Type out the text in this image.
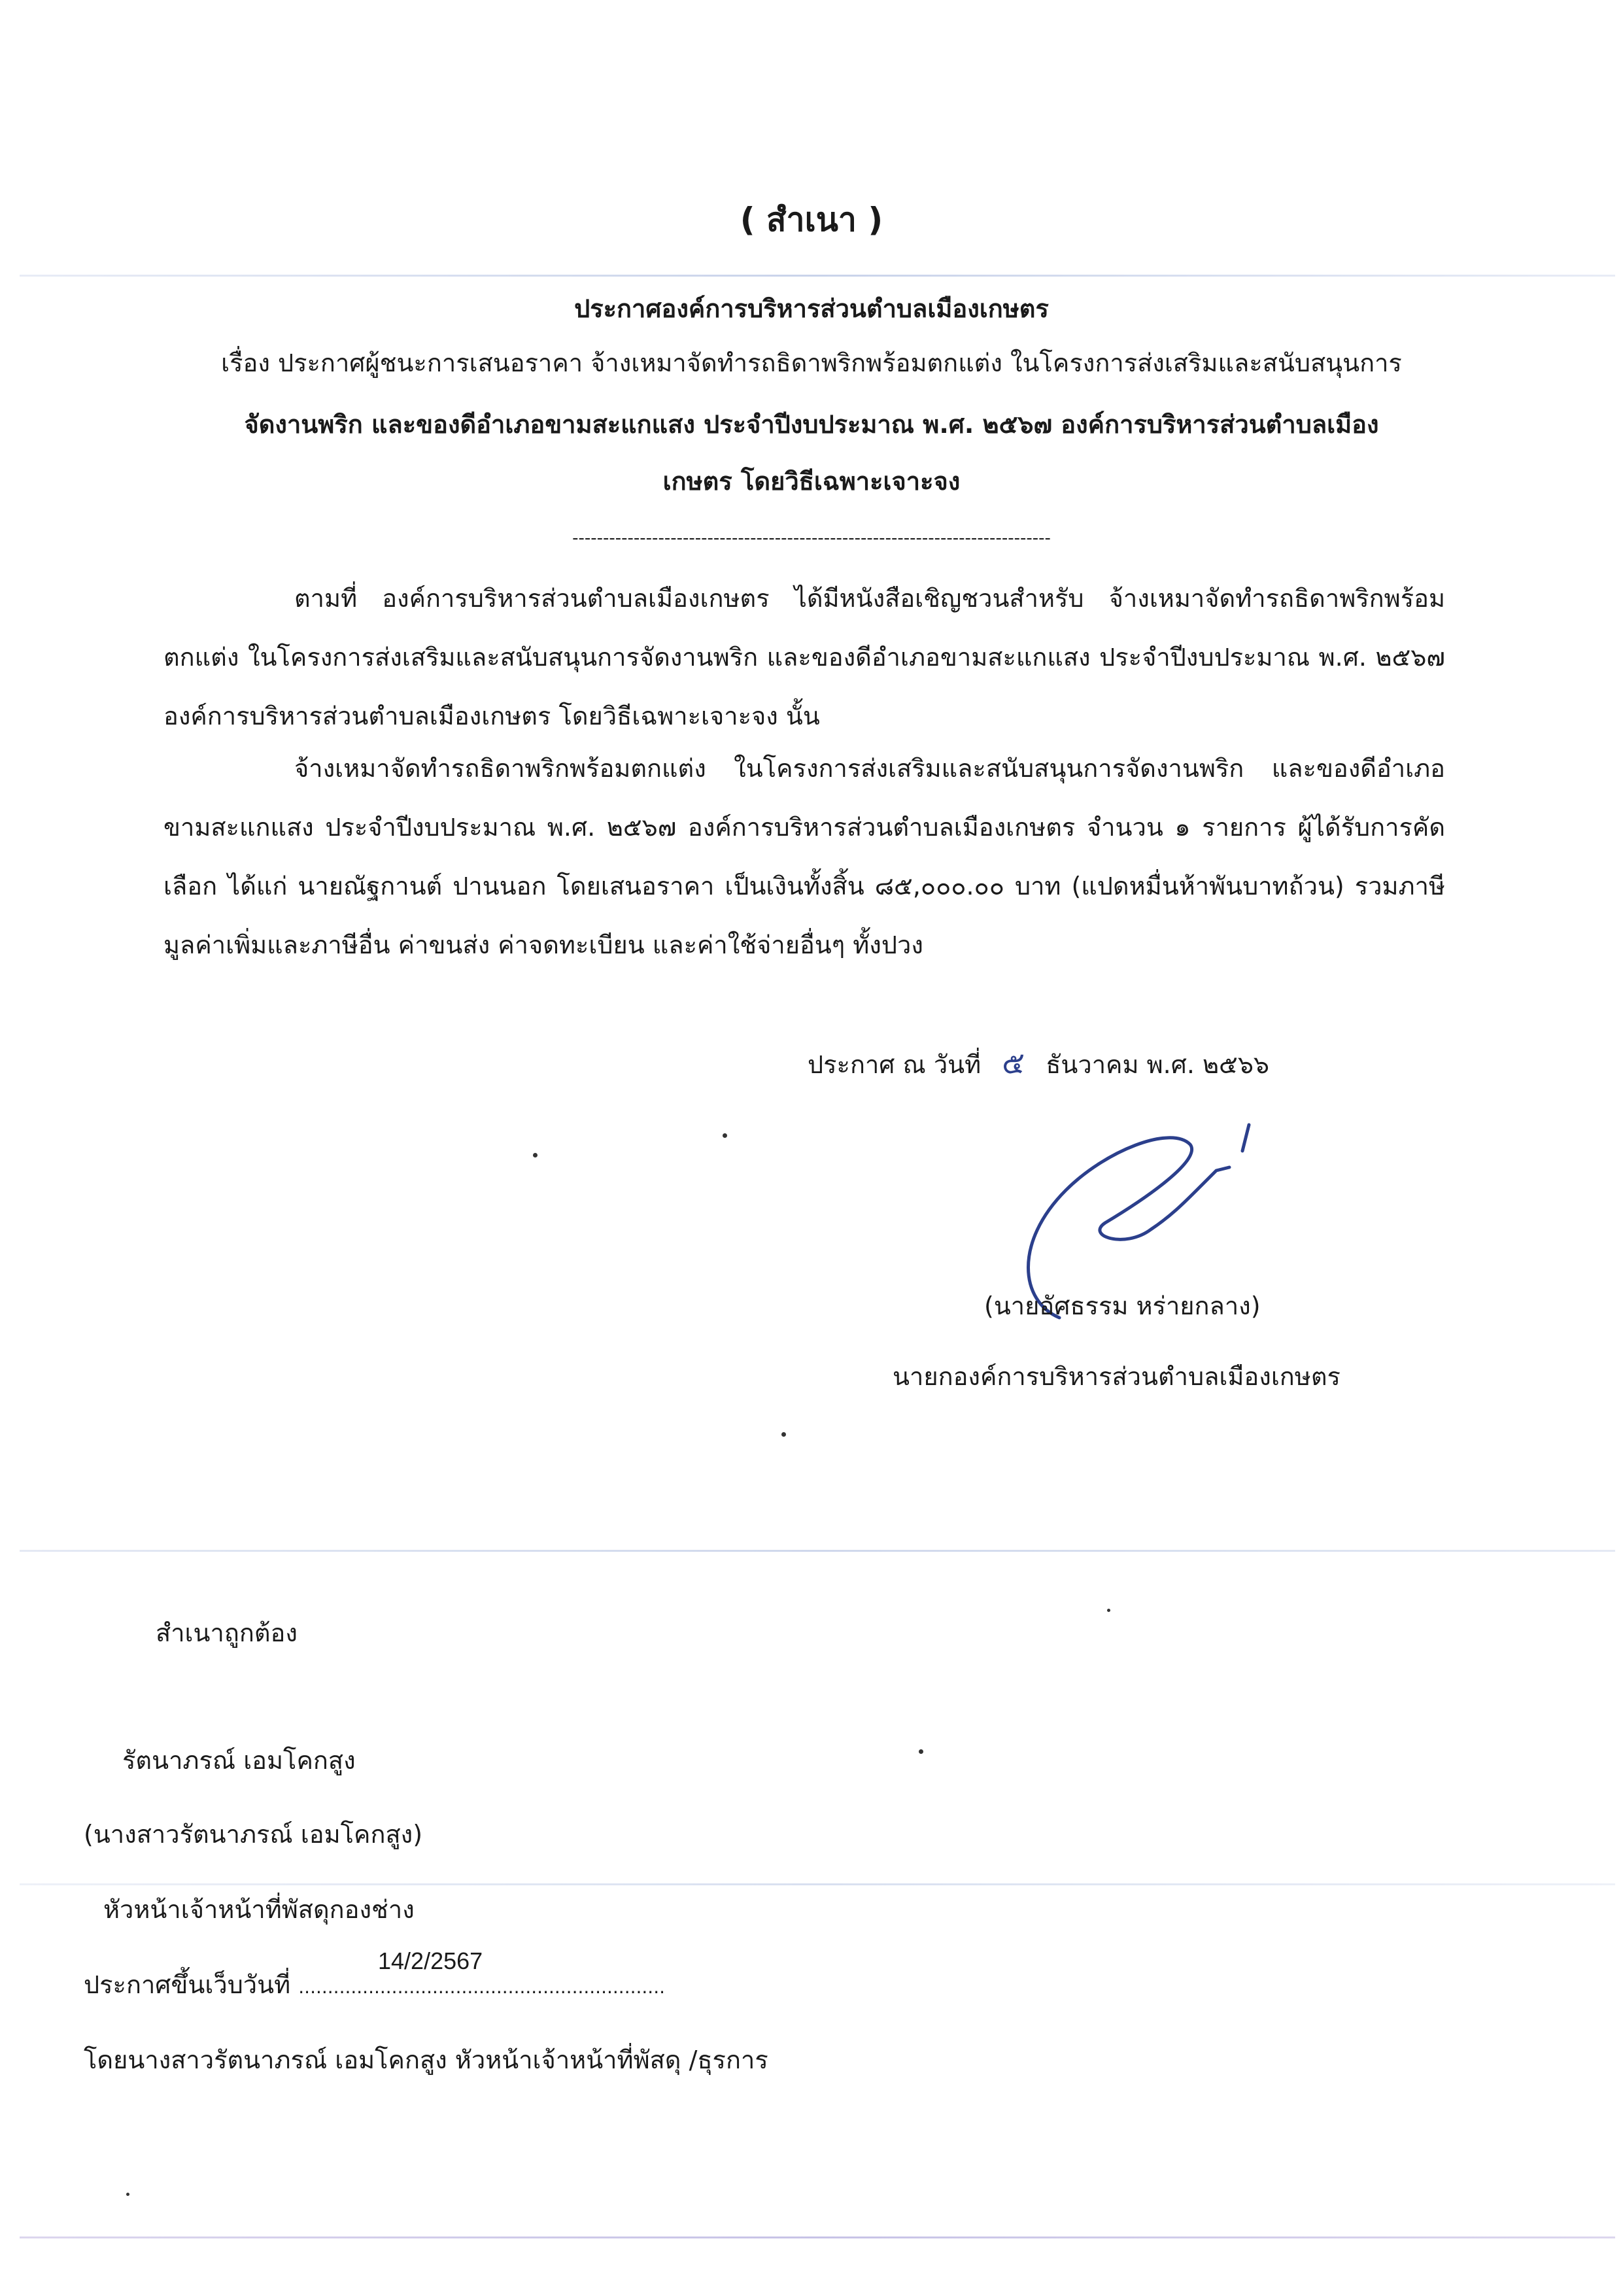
( สำเนา )
ประกาศองค์การบริหารส่วนตำบลเมืองเกษตร
เรื่อง ประกาศผู้ชนะการเสนอราคา จ้างเหมาจัดทำรถธิดาพริกพร้อมตกแต่ง ในโครงการส่งเสริมและสนับสนุนการ
จัดงานพริก และของดีอำเภอขามสะแกแสง ประจำปีงบประมาณ พ.ศ. ๒๕๖๗ องค์การบริหารส่วนตำบลเมือง
เกษตร โดยวิธีเฉพาะเจาะจง
------------------------------------------------------------------------------

ตามที่ องค์การบริหารส่วนตำบลเมืองเกษตร ได้มีหนังสือเชิญชวนสำหรับ จ้างเหมาจัดทำรถธิดาพริกพร้อมตกแต่ง ในโครงการส่งเสริมและสนับสนุนการจัดงานพริก และของดีอำเภอขามสะแกแสง ประจำปีงบประมาณ พ.ศ. ๒๕๖๗ องค์การบริหารส่วนตำบลเมืองเกษตร โดยวิธีเฉพาะเจาะจง นั้น

จ้างเหมาจัดทำรถธิดาพริกพร้อมตกแต่ง ในโครงการส่งเสริมและสนับสนุนการจัดงานพริก และของดีอำเภอขามสะแกแสง ประจำปีงบประมาณ พ.ศ. ๒๕๖๗ องค์การบริหารส่วนตำบลเมืองเกษตร จำนวน ๑ รายการ ผู้ได้รับการคัดเลือก ได้แก่ นายณัฐกานต์ ปานนอก โดยเสนอราคา เป็นเงินทั้งสิ้น ๘๕,๐๐๐.๐๐ บาท (แปดหมื่นห้าพันบาทถ้วน) รวมภาษีมูลค่าเพิ่มและภาษีอื่น ค่าขนส่ง ค่าจดทะเบียน และค่าใช้จ่ายอื่นๆ ทั้งปวง

ประกาศ ณ วันที่ ๕ ธันวาคม พ.ศ. ๒๕๖๖
(นายอัศธรรม หร่ายกลาง)
นายกองค์การบริหารส่วนตำบลเมืองเกษตร
สำเนาถูกต้อง
รัตนาภรณ์ เอมโคกสูง
(นางสาวรัตนาภรณ์ เอมโคกสูง)
หัวหน้าเจ้าหน้าที่พัสดุกองช่าง
ประกาศขึ้นเว็บวันที่ ...............................................................
14/2/2567
โดยนางสาวรัตนาภรณ์ เอมโคกสูง หัวหน้าเจ้าหน้าที่พัสดุ /ธุรการ
